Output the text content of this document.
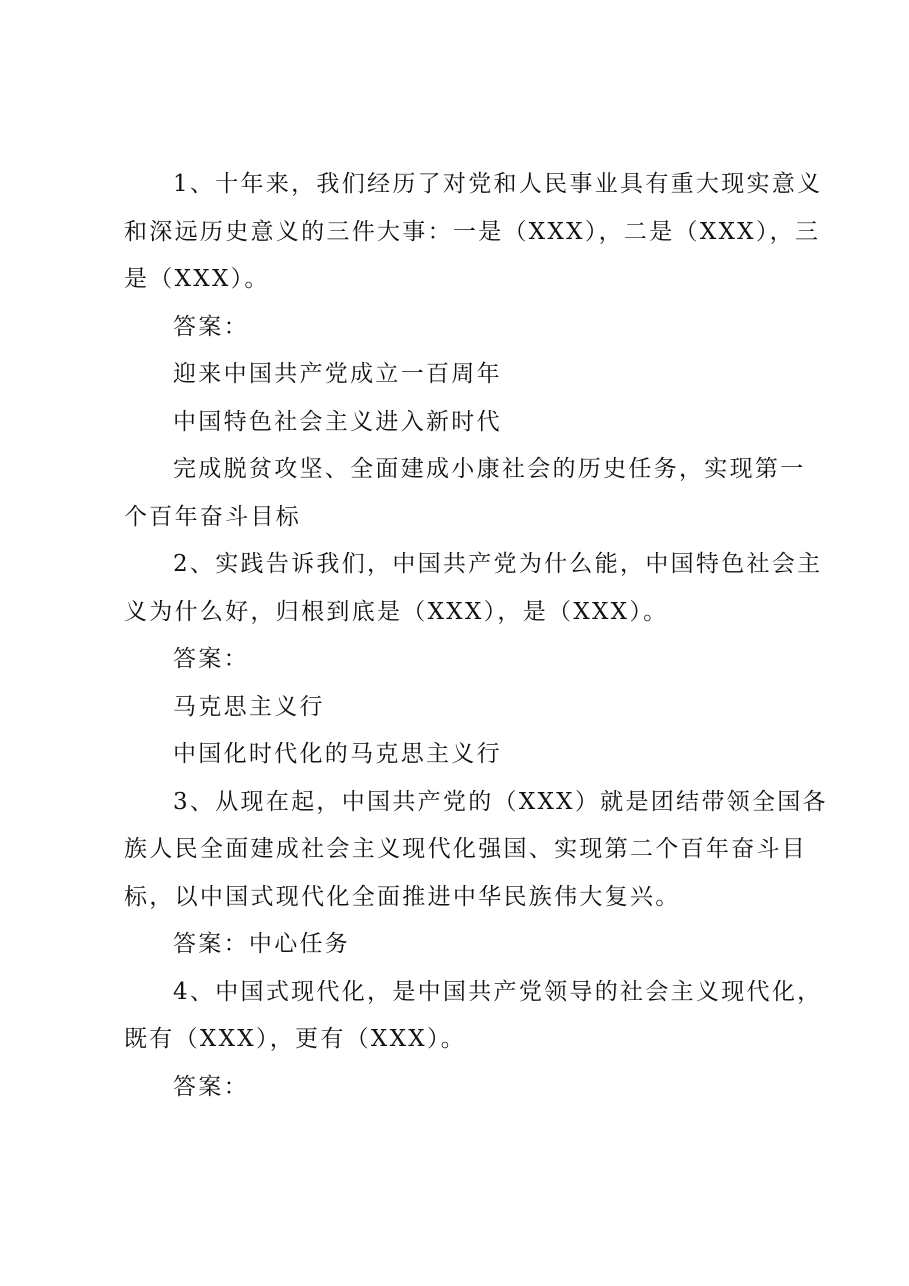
1、十年来，我们经历了对党和人民事业具有重大现实意义
和深远历史意义的三件大事：一是（XXX），二是（XXX），三
是（XXX）。
答案：
迎来中国共产党成立一百周年
中国特色社会主义进入新时代
完成脱贫攻坚、全面建成小康社会的历史任务，实现第一
个百年奋斗目标
2、实践告诉我们，中国共产党为什么能，中国特色社会主
义为什么好，归根到底是（XXX），是（XXX）。
答案：
马克思主义行
中国化时代化的马克思主义行
3、从现在起，中国共产党的（XXX）就是团结带领全国各
族人民全面建成社会主义现代化强国、实现第二个百年奋斗目
标，以中国式现代化全面推进中华民族伟大复兴。
答案：中心任务
4、中国式现代化，是中国共产党领导的社会主义现代化，
既有（XXX），更有（XXX）。
答案：
